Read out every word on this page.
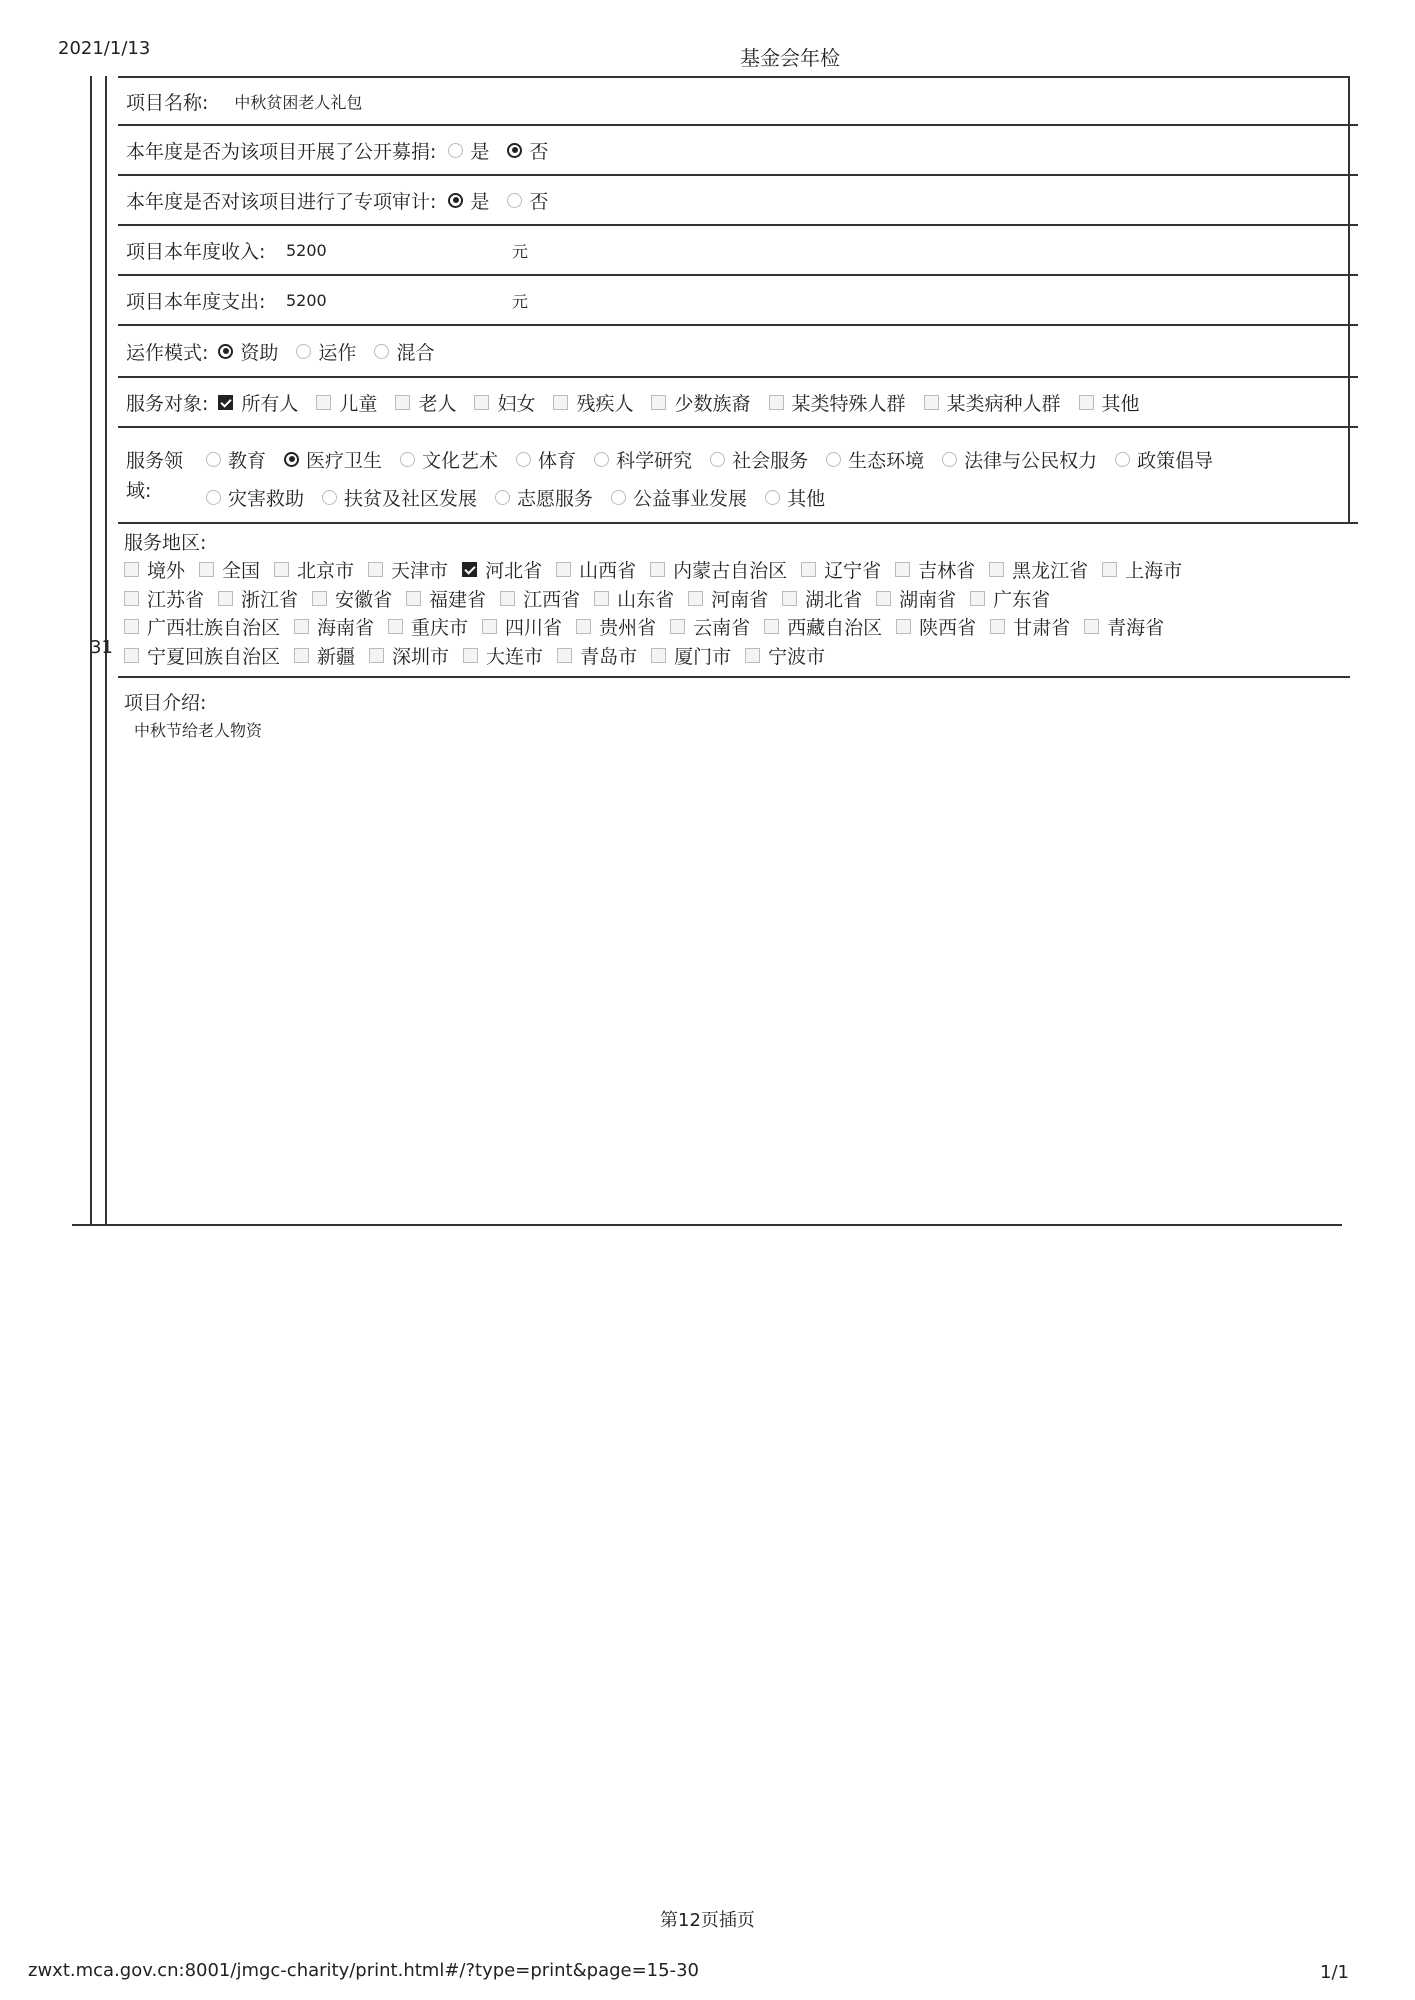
2021/1/13	基金会年检
31
项目名称: 中秋贫困老人礼包
本年度是否为该项目开展了公开募捐: 是 否
本年度是否对该项目进行了专项审计: 是 否
项目本年度收入:	5200	元
项目本年度支出:	5200	元
运作模式: 资助 运作 混合
服务对象: 所有人 儿童 老人 妇女 残疾人 少数族裔 某类特殊人群 某类病种人群 其他
服务领
域:
教育 医疗卫生 文化艺术 体育 科学研究 社会服务 生态环境 法律与公民权力 政策倡导
灾害救助 扶贫及社区发展 志愿服务 公益事业发展 其他
服务地区:
境外 全国 北京市 天津市 河北省 山西省 内蒙古自治区 辽宁省 吉林省 黑龙江省 上海市
江苏省 浙江省 安徽省 福建省 江西省 山东省 河南省 湖北省 湖南省 广东省
广西壮族自治区 海南省 重庆市 四川省 贵州省 云南省 西藏自治区 陕西省 甘肃省 青海省
宁夏回族自治区 新疆 深圳市 大连市 青岛市 厦门市 宁波市
项目介绍:
中秋节给老人物资
第12页插页
zwxt.mca.gov.cn:8001/jmgc-charity/print.html#/?type=print&page=15-30	1/1
